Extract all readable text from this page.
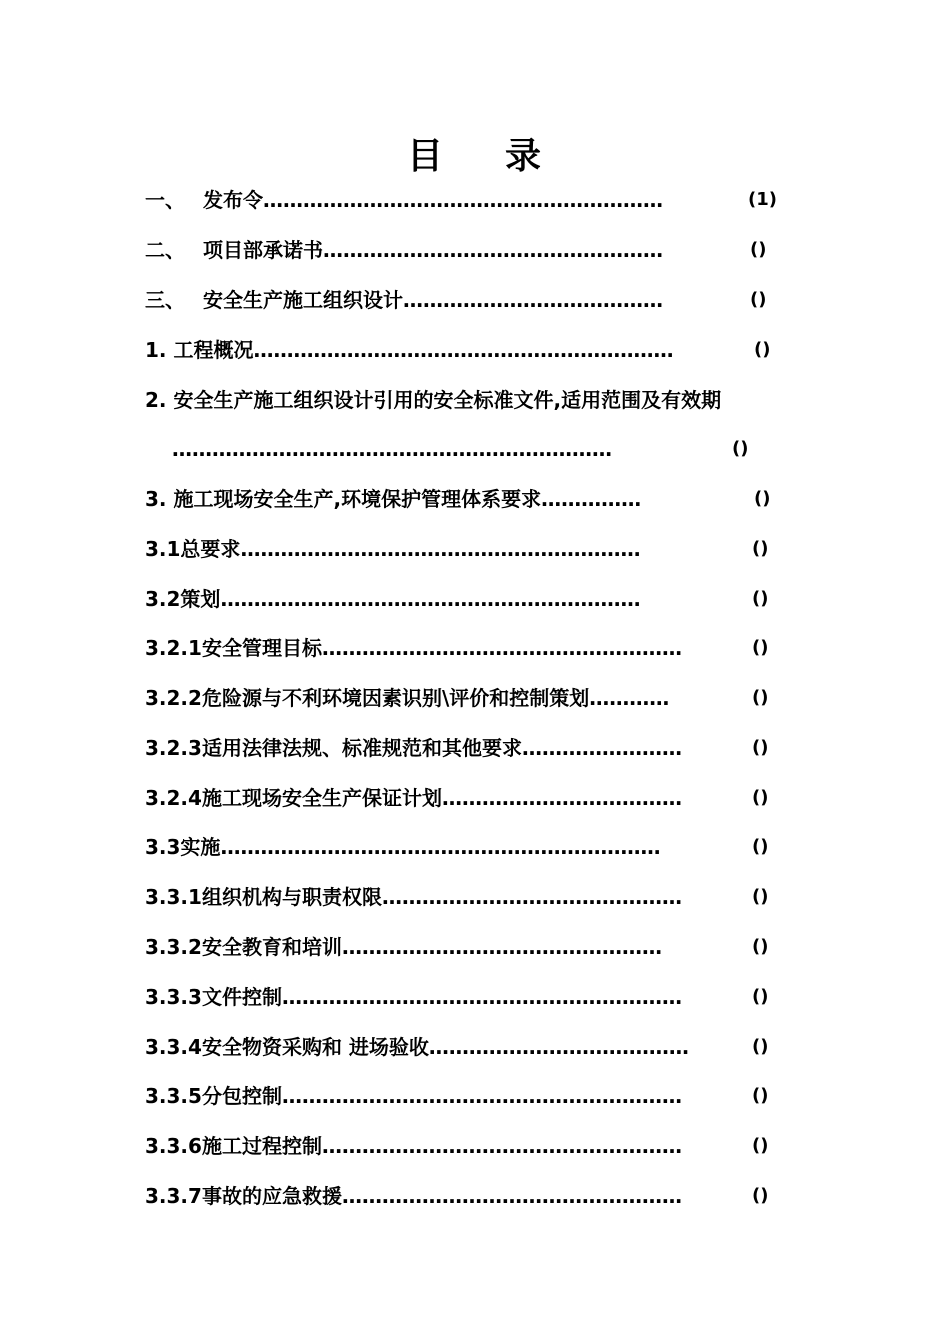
目 录
一、 发布令……………………………………………………	(1)
二、 项目部承诺书……………………………………………	()
三、 安全生产施工组织设计…………………………………	()
1. 工程概况………………………………………………………	()
2. 安全生产施工组织设计引用的安全标准文件,适用范围及有效期
…………………………………………………………	()
3. 施工现场安全生产,环境保护管理体系要求……………	()
3.1总要求……………………………………………………	()
3.2策划………………………………………………………	()
3.2.1安全管理目标………………………………………………	()
3.2.2危险源与不利环境因素识别\评价和控制策划…………	()
3.2.3适用法律法规、标准规范和其他要求……………………	()
3.2.4施工现场安全生产保证计划………………………………	()
3.3实施…………………………………………………………	()
3.3.1组织机构与职责权限………………………………………	()
3.3.2安全教育和培训…………………………………………	()
3.3.3文件控制……………………………………………………	()
3.3.4安全物资采购和 进场验收…………………………………	()
3.3.5分包控制……………………………………………………	()
3.3.6施工过程控制………………………………………………	()
3.3.7事故的应急救援……………………………………………	()
